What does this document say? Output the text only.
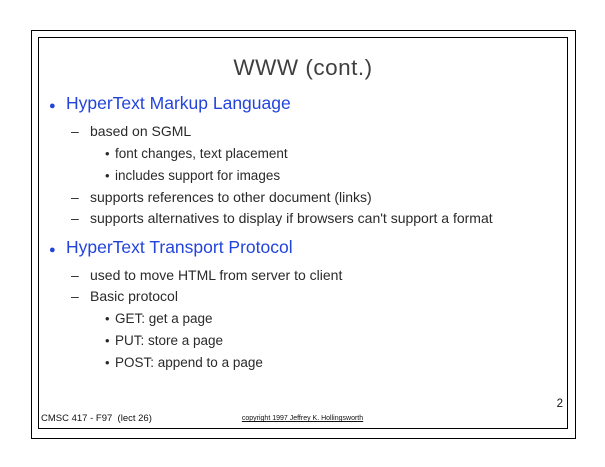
WWW (cont.)
● HyperText Markup Language
– based on SGML
• font changes, text placement
• includes support for images
– supports references to other document (links)
– supports alternatives to display if browsers can't support a format
● HyperText Transport Protocol
– used to move HTML from server to client
– Basic protocol
• GET: get a page
• PUT: store a page
• POST: append to a page
CMSC 417 - F97  (lect 26)	copyright 1997 Jeffrey K. Hollingsworth
2
